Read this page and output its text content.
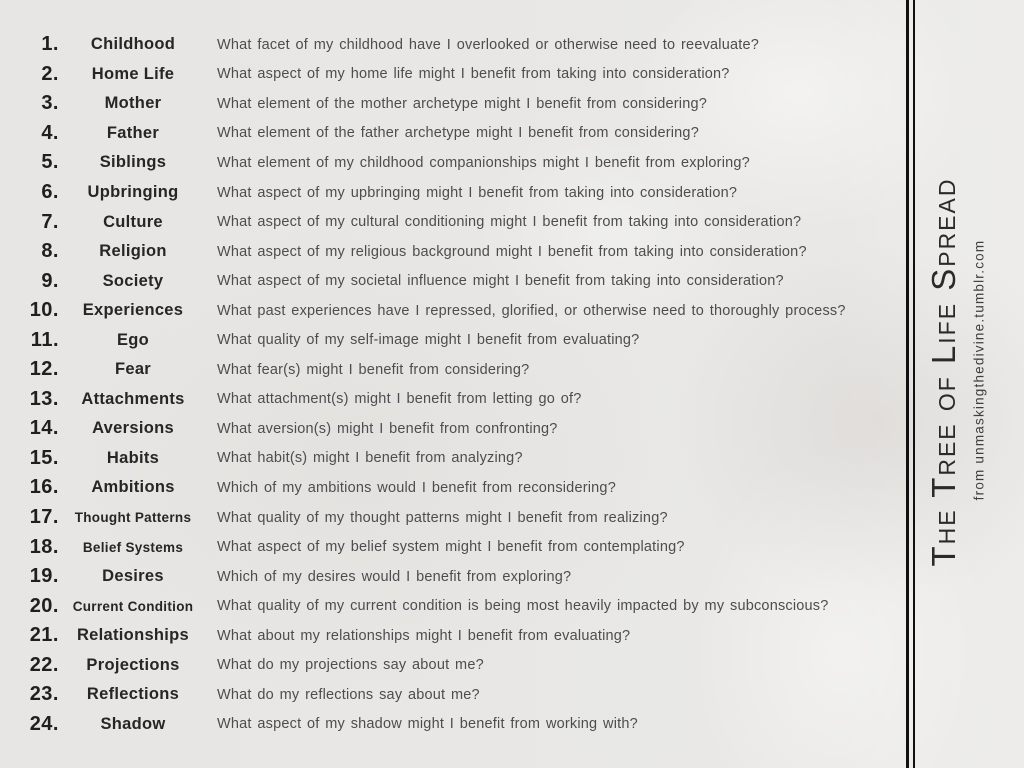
1.	Childhood	What facet of my childhood have I overlooked or otherwise need to reevaluate?
2.	Home Life	What aspect of my home life might I benefit from taking into consideration?
3.	Mother	What element of the mother archetype might I benefit from considering?
4.	Father	What element of the father archetype might I benefit from considering?
5.	Siblings	What element of my childhood companionships might I benefit from exploring?
6.	Upbringing	What aspect of my upbringing might I benefit from taking into consideration?
7.	Culture	What aspect of my cultural conditioning might I benefit from taking into consideration?
8.	Religion	What aspect of my religious background might I benefit from taking into consideration?
9.	Society	What aspect of my societal influence might I benefit from taking into consideration?
10.	Experiences	What past experiences have I repressed, glorified, or otherwise need to thoroughly process?
11.	Ego	What quality of my self-image might I benefit from evaluating?
12.	Fear	What fear(s) might I benefit from considering?
13.	Attachments	What attachment(s) might I benefit from letting go of?
14.	Aversions	What aversion(s) might I benefit from confronting?
15.	Habits	What habit(s) might I benefit from analyzing?
16.	Ambitions	Which of my ambitions would I benefit from reconsidering?
17.	Thought Patterns	What quality of my thought patterns might I benefit from realizing?
18.	Belief Systems	What aspect of my belief system might I benefit from contemplating?
19.	Desires	Which of my desires would I benefit from exploring?
20.	Current Condition	What quality of my current condition is being most heavily impacted by my subconscious?
21.	Relationships	What about my relationships might I benefit from evaluating?
22.	Projections	What do my projections say about me?
23.	Reflections	What do my reflections say about me?
24.	Shadow	What aspect of my shadow might I benefit from working with?
The Tree of Life Spread from unmaskingthedivine.tumblr.com
